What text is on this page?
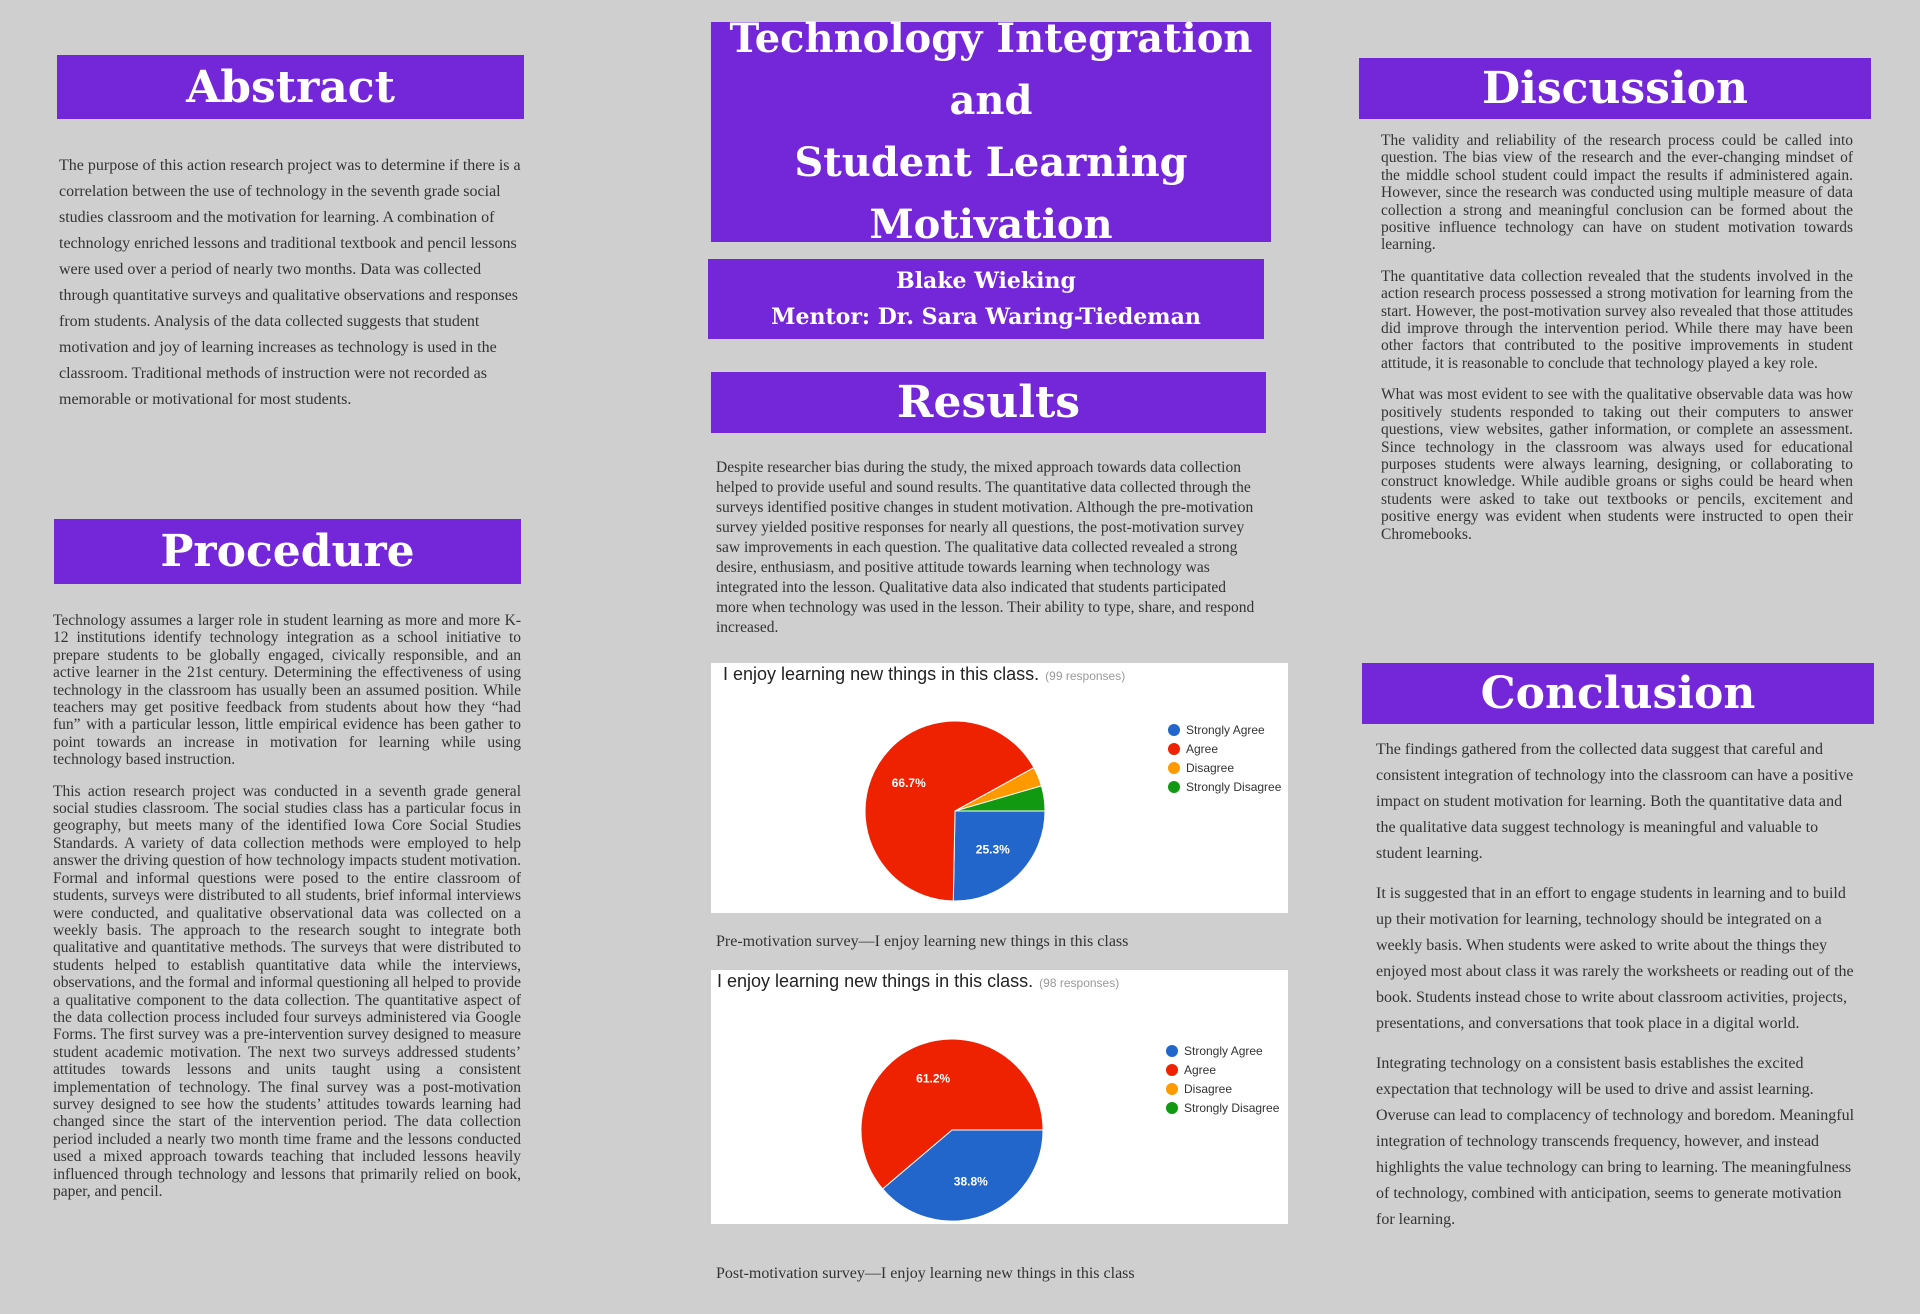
Technology Integration and
Student Learning
Motivation
Blake Wieking
Mentor: Dr. Sara Waring-Tiedeman
Abstract

The purpose of this action research project was to determine if there is a correlation between the use of technology in the seventh grade social studies classroom and the motivation for learning. A combination of technology enriched lessons and traditional textbook and pencil lessons were used over a period of nearly two months. Data was collected through quantitative surveys and qualitative observations and responses from students. Analysis of the data collected suggests that student motivation and joy of learning increases as technology is used in the classroom. Traditional methods of instruction were not recorded as memorable or motivational for most students.

Procedure

Technology assumes a larger role in student learning as more and more K-12 institutions identify technology integration as a school initiative to prepare students to be globally engaged, civically responsible, and an active learner in the 21st century. Determining the effectiveness of using technology in the classroom has usually been an assumed position. While teachers may get positive feedback from students about how they “had fun” with a particular lesson, little empirical evidence has been gather to point towards an increase in motivation for learning while using technology based instruction.

This action research project was conducted in a seventh grade general social studies classroom. The social studies class has a particular focus in geography, but meets many of the identified Iowa Core Social Studies Standards. A variety of data collection methods were employed to help answer the driving question of how technology impacts student motivation. Formal and informal questions were posed to the entire classroom of students, surveys were distributed to all students, brief informal interviews were conducted, and qualitative observational data was collected on a weekly basis. The approach to the research sought to integrate both qualitative and quantitative methods. The surveys that were distributed to students helped to establish quantitative data while the interviews, observations, and the formal and informal questioning all helped to provide a qualitative component to the data collection. The quantitative aspect of the data collection process included four surveys administered via Google Forms. The first survey was a pre-intervention survey designed to measure student academic motivation. The next two surveys addressed students’ attitudes towards lessons and units taught using a consistent implementation of technology. The final survey was a post-motivation survey designed to see how the students’ attitudes towards learning had changed since the start of the intervention period. The data collection period included a nearly two month time frame and the lessons conducted used a mixed approach towards teaching that included lessons heavily influenced through technology and lessons that primarily relied on book, paper, and pencil.

Results

Despite researcher bias during the study, the mixed approach towards data collection helped to provide useful and sound results. The quantitative data collected through the surveys identified positive changes in student motivation. Although the pre-motivation survey yielded positive responses for nearly all questions, the post-motivation survey saw improvements in each question. The qualitative data collected revealed a strong desire, enthusiasm, and positive attitude towards learning when technology was integrated into the lesson. Qualitative data also indicated that students participated more when technology was used in the lesson. Their ability to type, share, and respond increased.

I enjoy learning new things in this class. (99 responses)
25.3%
66.7%
Strongly Agree
Agree
Disagree
Strongly Disagree
Pre-motivation survey—I enjoy learning new things in this class
I enjoy learning new things in this class. (98 responses)
38.8%
61.2%
Strongly Agree
Agree
Disagree
Strongly Disagree
Post-motivation survey—I enjoy learning new things in this class
Discussion

The validity and reliability of the research process could be called into question. The bias view of the research and the ever-changing mindset of the middle school student could impact the results if administered again. However, since the research was conducted using multiple measure of data collection a strong and meaningful conclusion can be formed about the positive influence technology can have on student motivation towards learning.

The quantitative data collection revealed that the students involved in the action research process possessed a strong motivation for learning from the start. However, the post-motivation survey also revealed that those attitudes did improve through the intervention period. While there may have been other factors that contributed to the positive improvements in student attitude, it is reasonable to conclude that technology played a key role.

What was most evident to see with the qualitative observable data was how positively students responded to taking out their computers to answer questions, view websites, gather information, or complete an assessment. Since technology in the classroom was always used for educational purposes students were always learning, designing, or collaborating to construct knowledge. While audible groans or sighs could be heard when students were asked to take out textbooks or pencils, excitement and positive energy was evident when students were instructed to open their Chromebooks.

Conclusion

The findings gathered from the collected data suggest that careful and consistent integration of technology into the classroom can have a positive impact on student motivation for learning. Both the quantitative data and the qualitative data suggest technology is meaningful and valuable to student learning.

It is suggested that in an effort to engage students in learning and to build up their motivation for learning, technology should be integrated on a weekly basis. When students were asked to write about the things they enjoyed most about class it was rarely the worksheets or reading out of the book. Students instead chose to write about classroom activities, projects, presentations, and conversations that took place in a digital world.

Integrating technology on a consistent basis establishes the excited expectation that technology will be used to drive and assist learning. Overuse can lead to complacency of technology and boredom. Meaningful integration of technology transcends frequency, however, and instead highlights the value technology can bring to learning. The meaningfulness of technology, combined with anticipation, seems to generate motivation for learning.
